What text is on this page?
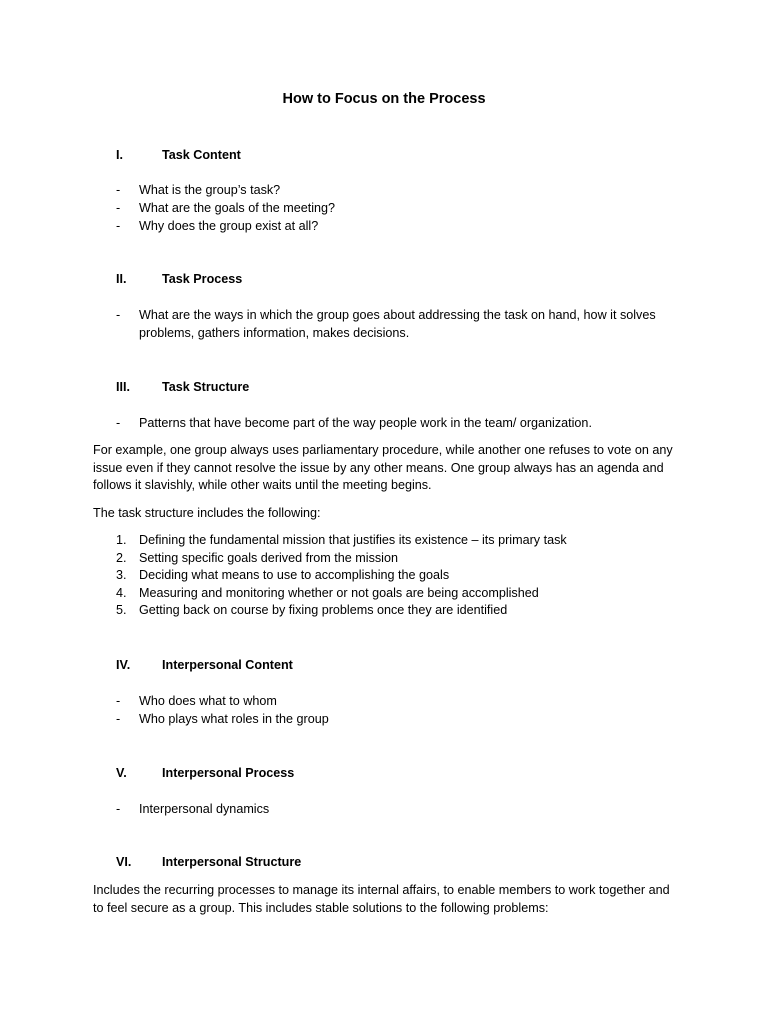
How to Focus on the Process
I.	Task Content
- What is the group’s task?
- What are the goals of the meeting?
- Why does the group exist at all?
II.	Task Process
- What are the ways in which the group goes about addressing the task on hand, how it solves problems, gathers information, makes decisions.
III.	Task Structure
- Patterns that have become part of the way people work in the team/ organization.
For example, one group always uses parliamentary procedure, while another one refuses to vote on any issue even if they cannot resolve the issue by any other means. One group always has an agenda and follows it slavishly, while other waits until the meeting begins.
The task structure includes the following:
1. Defining the fundamental mission that justifies its existence – its primary task
2. Setting specific goals derived from the mission
3. Deciding what means to use to accomplishing the goals
4. Measuring and monitoring whether or not goals are being accomplished
5. Getting back on course by fixing problems once they are identified
IV.	Interpersonal Content
- Who does what to whom
- Who plays what roles in the group
V.	Interpersonal Process
- Interpersonal dynamics
VI. Interpersonal Structure
Includes the recurring processes to manage its internal affairs, to enable members to work together and to feel secure as a group. This includes stable solutions to the following problems:
